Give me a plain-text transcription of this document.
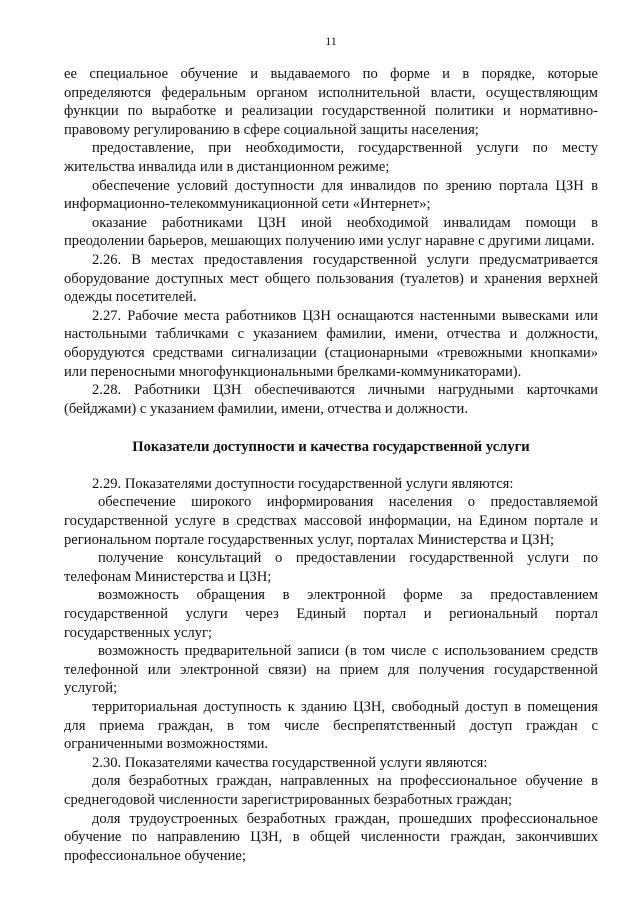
11

ее специальное обучение и выдаваемого по форме и в порядке, которые определяются федеральным органом исполнительной власти, осуществляющим функции по выработке и реализации государственной политики и нормативно-правовому регулированию в сфере социальной защиты населения;

предоставление, при необходимости, государственной услуги по месту жительства инвалида или в дистанционном режиме;

обеспечение условий доступности для инвалидов по зрению портала ЦЗН в информационно-телекоммуникационной сети «Интернет»;

оказание работниками ЦЗН иной необходимой инвалидам помощи в преодолении барьеров, мешающих получению ими услуг наравне с другими лицами.

2.26. В местах предоставления государственной услуги предусматривается оборудование доступных мест общего пользования (туалетов) и хранения верхней одежды посетителей.

2.27. Рабочие места работников ЦЗН оснащаются настенными вывесками или настольными табличками с указанием фамилии, имени, отчества и должности, оборудуются средствами сигнализации (стационарными «тревожными кнопками» или переносными многофункциональными брелками-коммуникаторами).

2.28. Работники ЦЗН обеспечиваются личными нагрудными карточками (бейджами) с указанием фамилии, имени, отчества и должности.

Показатели доступности и качества государственной услуги

2.29. Показателями доступности государственной услуги являются:

обеспечение широкого информирования населения о предоставляемой государственной услуге в средствах массовой информации, на Едином портале и региональном портале государственных услуг, порталах Министерства и ЦЗН;

получение консультаций о предоставлении государственной услуги по телефонам Министерства и ЦЗН;

возможность обращения в электронной форме за предоставлением государственной услуги через Единый портал и региональный портал государственных услуг;

возможность предварительной записи (в том числе с использованием средств телефонной или электронной связи) на прием для получения государственной услугой;

территориальная доступность к зданию ЦЗН, свободный доступ в помещения для приема граждан, в том числе беспрепятственный доступ граждан с ограниченными возможностями.

2.30. Показателями качества государственной услуги являются:

доля безработных граждан, направленных на профессиональное обучение в среднегодовой численности зарегистрированных безработных граждан;

доля трудоустроенных безработных граждан, прошедших профессиональное обучение по направлению ЦЗН, в общей численности граждан, закончивших профессиональное обучение;
